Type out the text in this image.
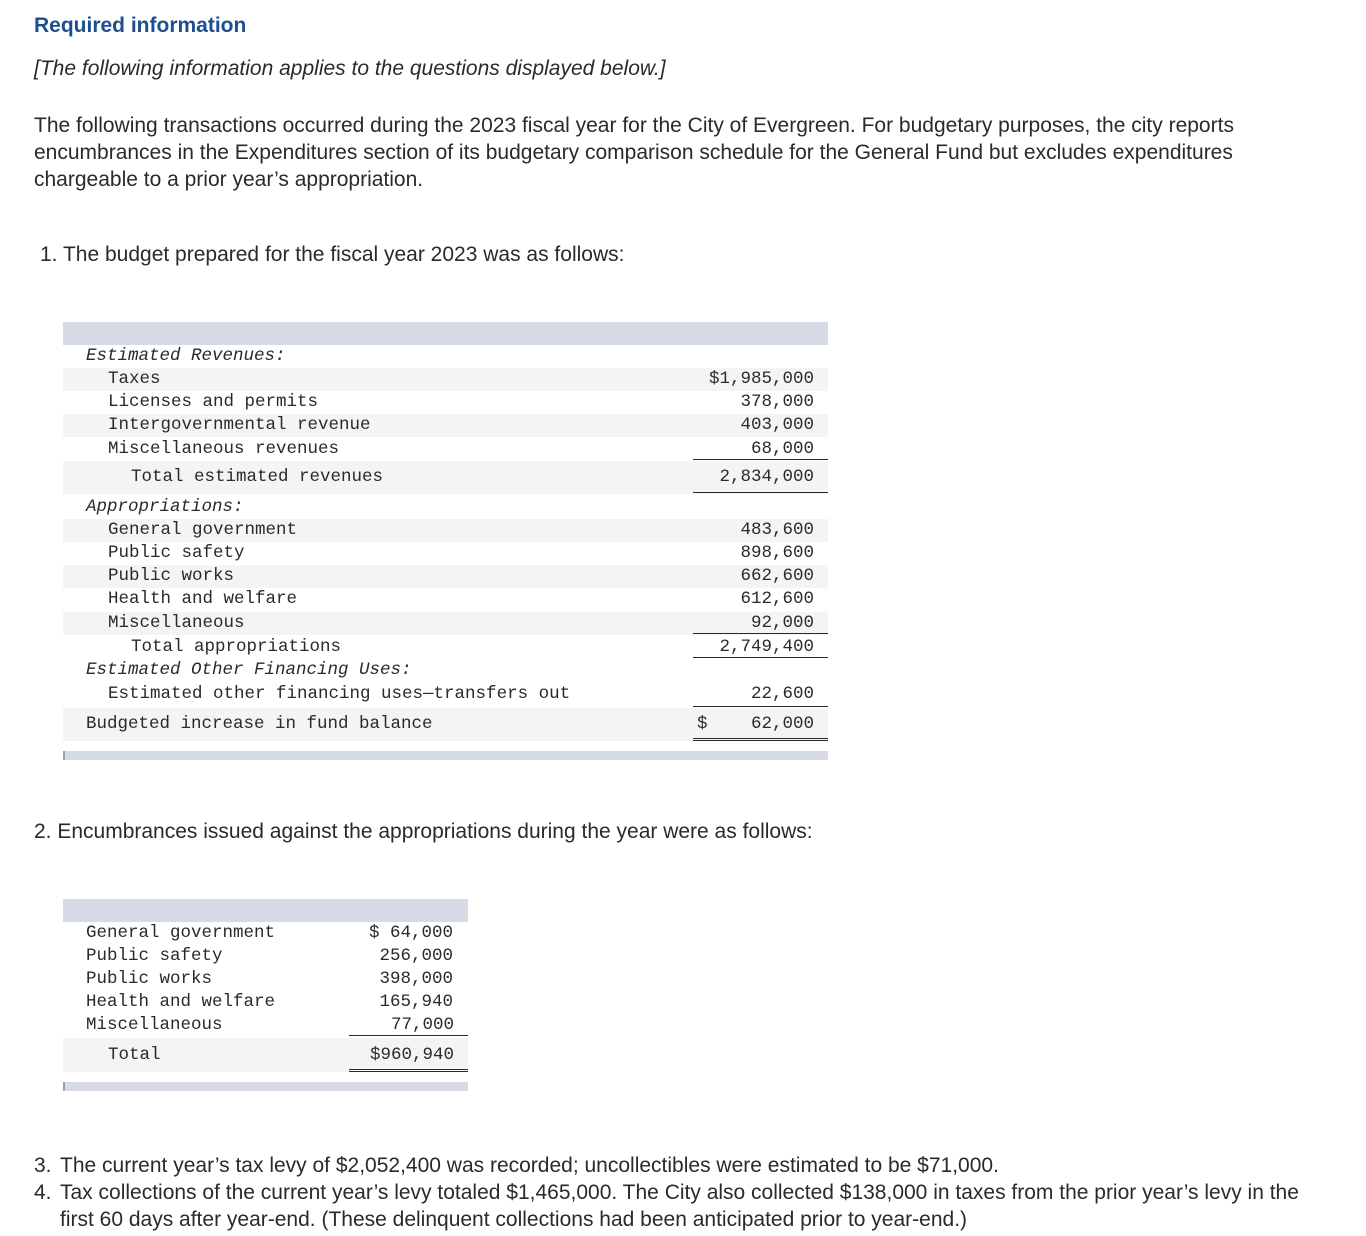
Required information
[The following information applies to the questions displayed below.]
The following transactions occurred during the 2023 fiscal year for the City of Evergreen. For budgetary purposes, the city reports encumbrances in the Expenditures section of its budgetary comparison schedule for the General Fund but excludes expenditures chargeable to a prior year’s appropriation.
1. The budget prepared for the fiscal year 2023 was as follows:
Estimated Revenues:
Taxes	$1,985,000
Licenses and permits	378,000
Intergovernmental revenue	403,000
Miscellaneous revenues	68,000
Total estimated revenues	2,834,000
Appropriations:
General government	483,600
Public safety	898,600
Public works	662,600
Health and welfare	612,600
Miscellaneous	92,000
Total appropriations	2,749,400
Estimated Other Financing Uses:
Estimated other financing uses—transfers out	22,600
Budgeted increase in fund balance	$	62,000
2. Encumbrances issued against the appropriations during the year were as follows:
General government	$ 64,000
Public safety	256,000
Public works	398,000
Health and welfare	165,940
Miscellaneous	77,000
Total	$960,940
3. The current year’s tax levy of $2,052,400 was recorded; uncollectibles were estimated to be $71,000.
4. Tax collections of the current year’s levy totaled $1,465,000. The City also collected $138,000 in taxes from the prior year’s levy in the first 60 days after year-end. (These delinquent collections had been anticipated prior to year-end.)
